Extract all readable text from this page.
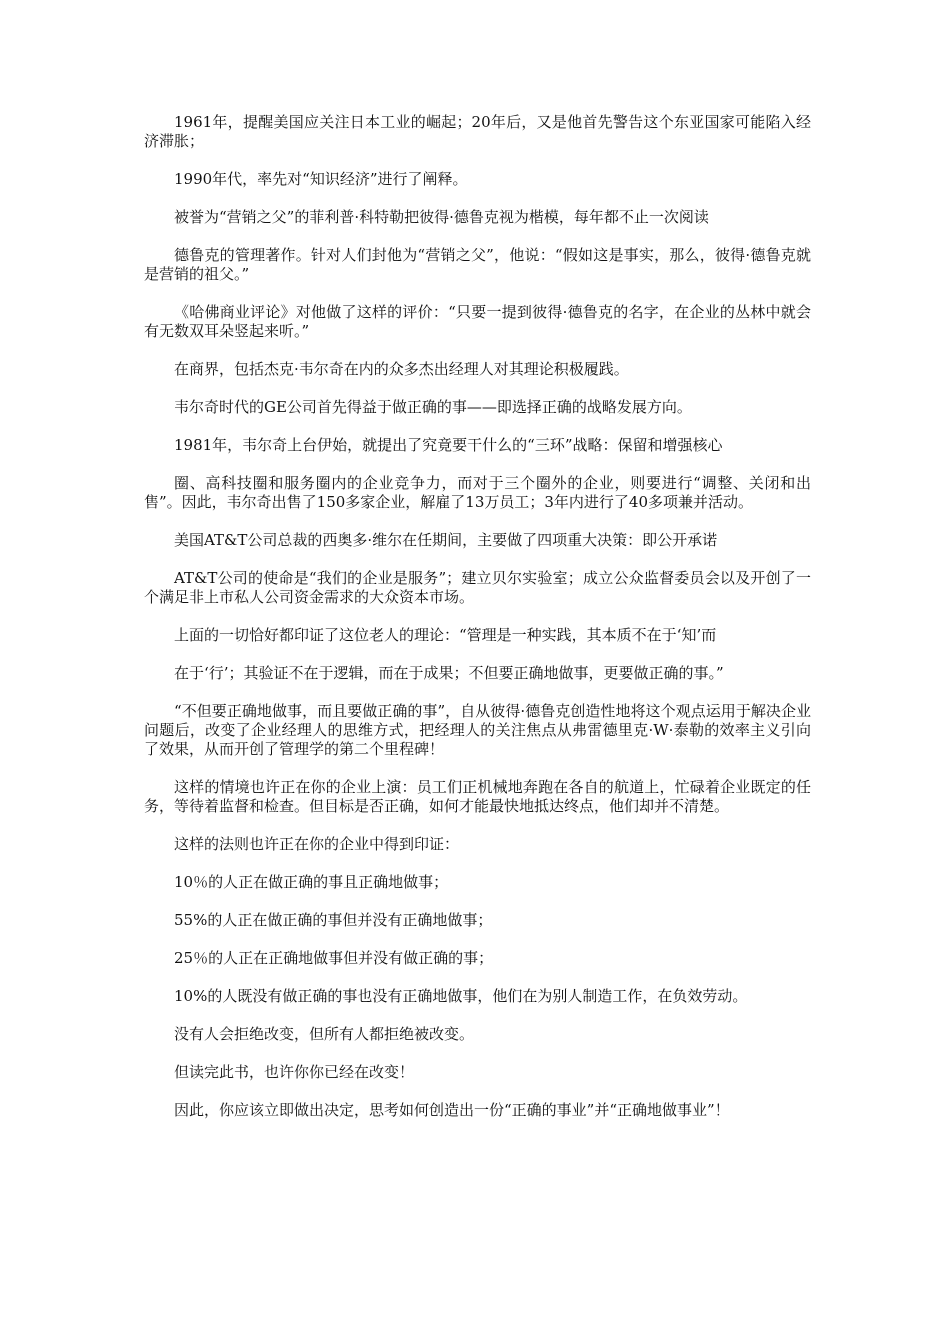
1961年，提醒美国应关注日本工业的崛起；20年后，又是他首先警告这个东亚国家可能陷入经济滞胀；

1990年代，率先对“知识经济”进行了阐释。

被誉为“营销之父”的菲利普·科特勒把彼得·德鲁克视为楷模，每年都不止一次阅读

德鲁克的管理著作。针对人们封他为“营销之父”，他说：“假如这是事实，那么，彼得·德鲁克就是营销的祖父。”

《哈佛商业评论》对他做了这样的评价：“只要一提到彼得·德鲁克的名字，在企业的丛林中就会有无数双耳朵竖起来听。”

在商界，包括杰克·韦尔奇在内的众多杰出经理人对其理论积极履践。

韦尔奇时代的GE公司首先得益于做正确的事——即选择正确的战略发展方向。

1981年，韦尔奇上台伊始，就提出了究竟要干什么的“三环”战略：保留和增强核心

圈、高科技圈和服务圈内的企业竞争力，而对于三个圈外的企业，则要进行“调整、关闭和出售”。因此，韦尔奇出售了150多家企业，解雇了13万员工；3年内进行了40多项兼并活动。

美国AT&T公司总裁的西奥多·维尔在任期间，主要做了四项重大决策：即公开承诺

AT&T公司的使命是“我们的企业是服务”；建立贝尔实验室；成立公众监督委员会以及开创了一个满足非上市私人公司资金需求的大众资本市场。

上面的一切恰好都印证了这位老人的理论：“管理是一种实践，其本质不在于‘知’而

在于‘行’；其验证不在于逻辑，而在于成果；不但要正确地做事，更要做正确的事。”

“不但要正确地做事，而且要做正确的事”，自从彼得·德鲁克创造性地将这个观点运用于解决企业问题后，改变了企业经理人的思维方式，把经理人的关注焦点从弗雷德里克·W·泰勒的效率主义引向了效果，从而开创了管理学的第二个里程碑！

这样的情境也许正在你的企业上演：员工们正机械地奔跑在各自的航道上，忙碌着企业既定的任务，等待着监督和检查。但目标是否正确，如何才能最快地抵达终点，他们却并不清楚。

这样的法则也许正在你的企业中得到印证：

10％的人正在做正确的事且正确地做事；

55%的人正在做正确的事但并没有正确地做事；

25％的人正在正确地做事但并没有做正确的事；

10%的人既没有做正确的事也没有正确地做事，他们在为别人制造工作，在负效劳动。

没有人会拒绝改变，但所有人都拒绝被改变。

但读完此书，也许你你已经在改变！

因此，你应该立即做出决定，思考如何创造出一份“正确的事业”并“正确地做事业”！
